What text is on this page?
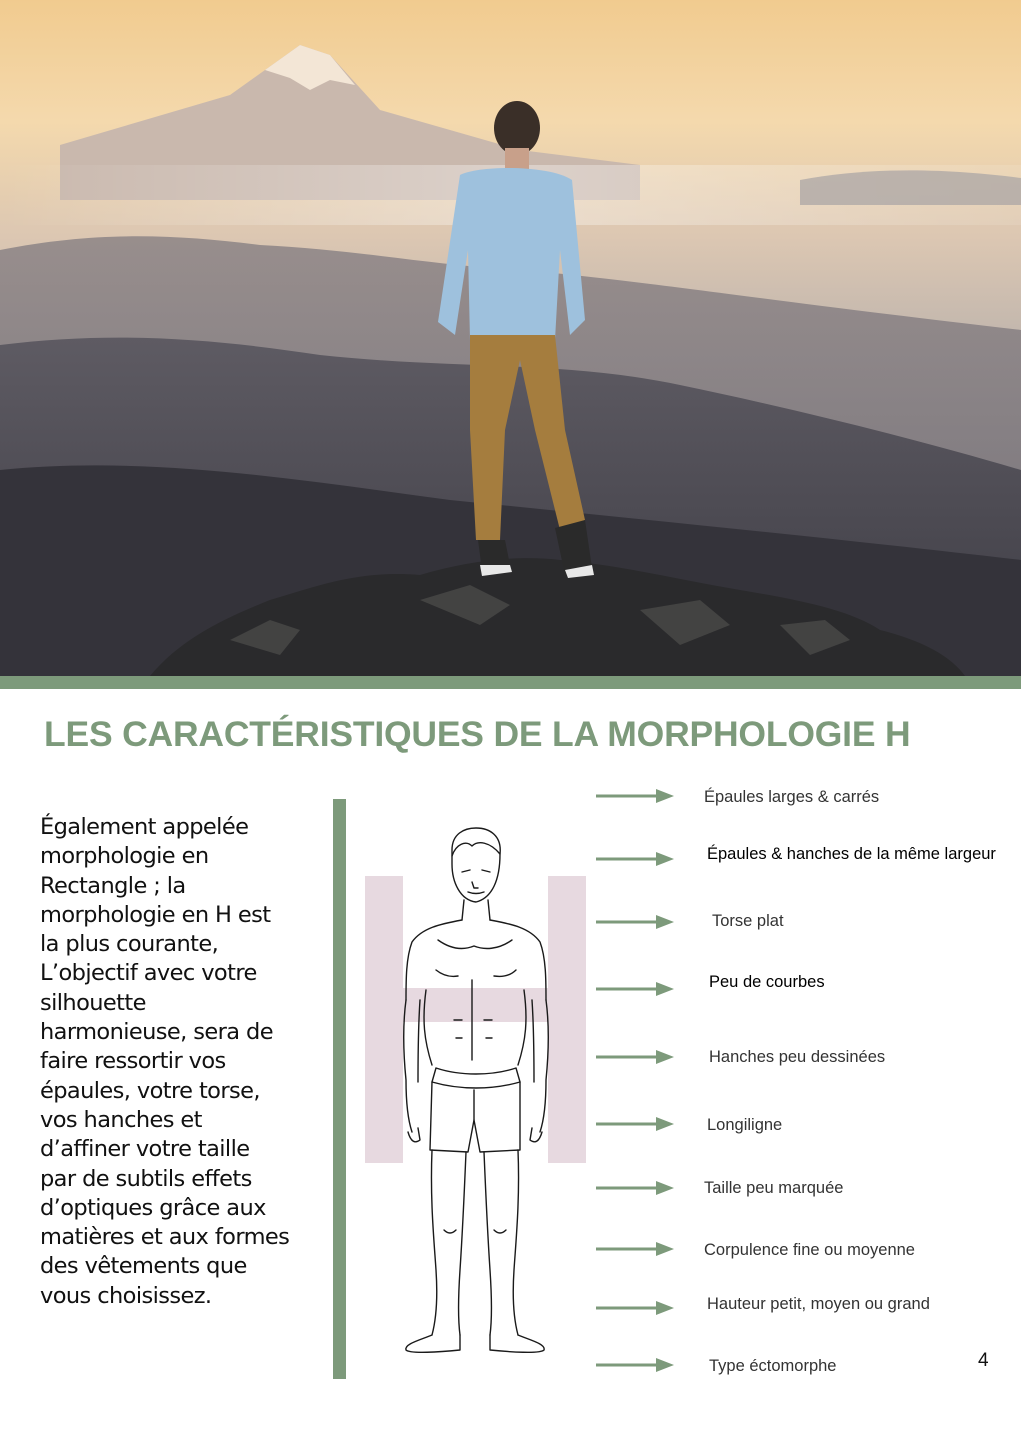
LES CARACTÉRISTIQUES DE LA MORPHOLOGIE H

Également appelée morphologie en Rectangle ; la morphologie en H est la plus courante, L’objectif avec votre silhouette harmonieuse, sera de faire ressortir vos épaules, votre torse, vos hanches et d’affiner votre taille par de subtils effets d’optiques grâce aux matières et aux formes des vêtements que vous choisissez.

Épaules larges & carrés
Épaules & hanches de la même largeur
Torse plat
Peu de courbes
Hanches peu dessinées
Longiligne
Taille peu marquée
Corpulence fine ou moyenne
Hauteur petit, moyen ou grand
Type éctomorphe	4
